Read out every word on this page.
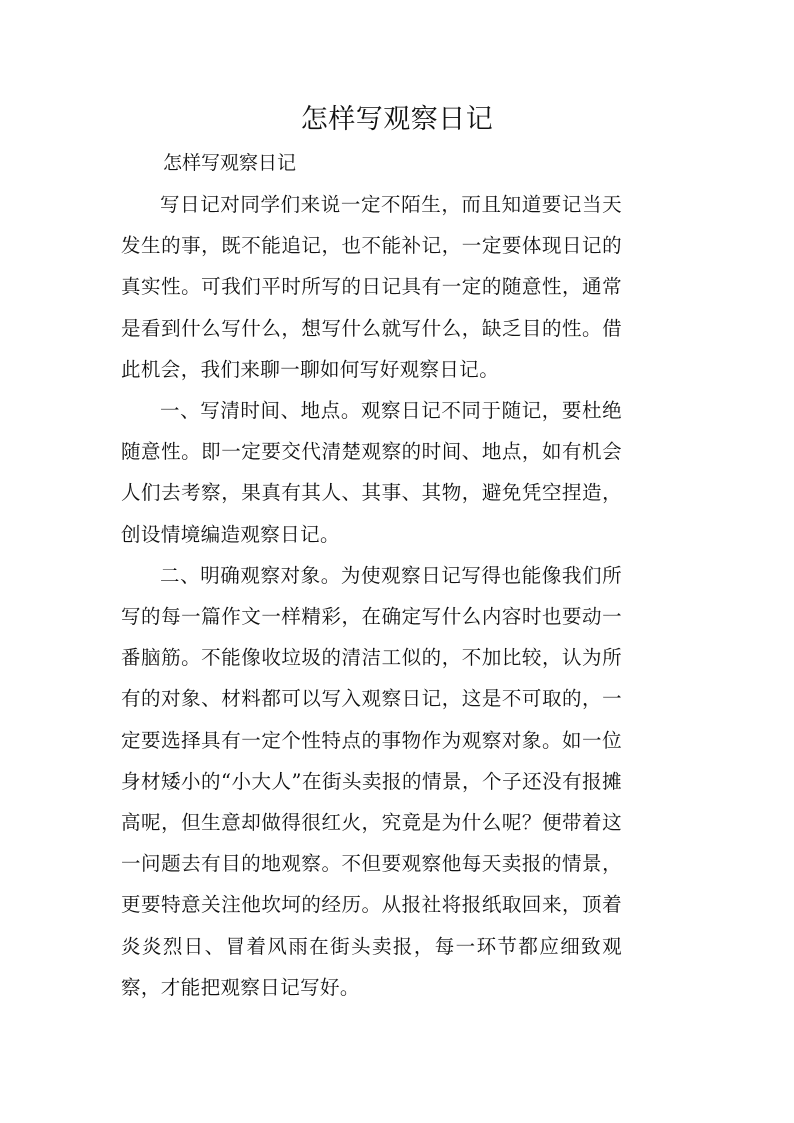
怎样写观察日记

怎样写观察日记

写日记对同学们来说一定不陌生，而且知道要记当天发生的事，既不能追记，也不能补记，一定要体现日记的真实性。可我们平时所写的日记具有一定的随意性，通常是看到什么写什么，想写什么就写什么，缺乏目的性。借此机会，我们来聊一聊如何写好观察日记。

一、写清时间、地点。观察日记不同于随记，要杜绝随意性。即一定要交代清楚观察的时间、地点，如有机会人们去考察，果真有其人、其事、其物，避免凭空捏造，创设情境编造观察日记。

二、明确观察对象。为使观察日记写得也能像我们所写的每一篇作文一样精彩，在确定写什么内容时也要动一番脑筋。不能像收垃圾的清洁工似的，不加比较，认为所有的对象、材料都可以写入观察日记，这是不可取的，一定要选择具有一定个性特点的事物作为观察对象。如一位身材矮小的“小大人”在街头卖报的情景，个子还没有报摊高呢，但生意却做得很红火，究竟是为什么呢？便带着这一问题去有目的地观察。不但要观察他每天卖报的情景，更要特意关注他坎坷的经历。从报社将报纸取回来，顶着炎炎烈日、冒着风雨在街头卖报，每一环节都应细致观察，才能把观察日记写好。
